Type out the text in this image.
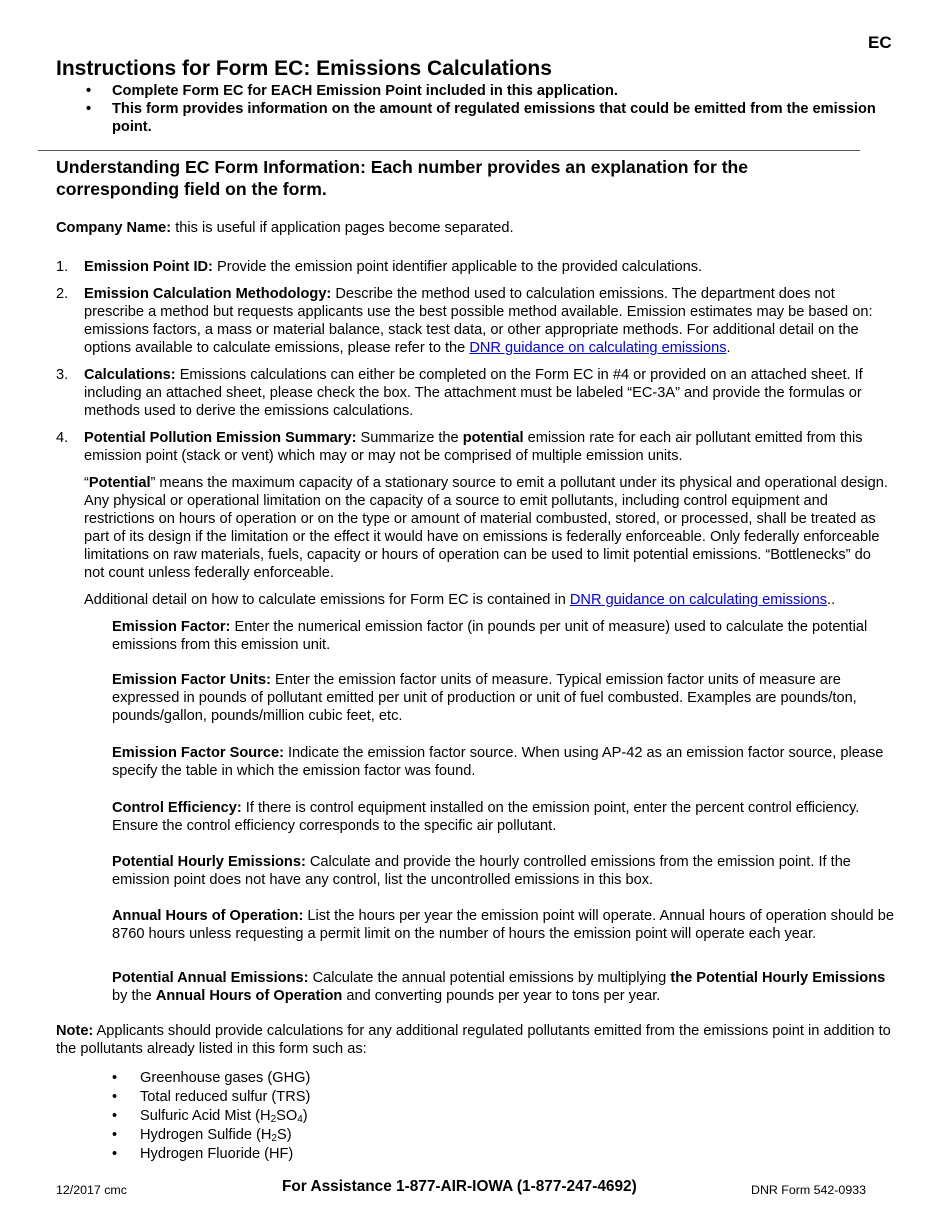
EC
Instructions for Form EC: Emissions Calculations
• Complete Form EC for EACH Emission Point included in this application.
• This form provides information on the amount of regulated emissions that could be emitted from the emission point.
Understanding EC Form Information: Each number provides an explanation for the corresponding field on the form.
Company Name: this is useful if application pages become separated.
1. Emission Point ID: Provide the emission point identifier applicable to the provided calculations.
2. Emission Calculation Methodology: Describe the method used to calculation emissions. The department does not prescribe a method but requests applicants use the best possible method available. Emission estimates may be based on: emissions factors, a mass or material balance, stack test data, or other appropriate methods. For additional detail on the options available to calculate emissions, please refer to the DNR guidance on calculating emissions.
3. Calculations: Emissions calculations can either be completed on the Form EC in #4 or provided on an attached sheet. If including an attached sheet, please check the box. The attachment must be labeled “EC-3A” and provide the formulas or methods used to derive the emissions calculations.
4. Potential Pollution Emission Summary: Summarize the potential emission rate for each air pollutant emitted from this emission point (stack or vent) which may or may not be comprised of multiple emission units.
“Potential” means the maximum capacity of a stationary source to emit a pollutant under its physical and operational design. Any physical or operational limitation on the capacity of a source to emit pollutants, including control equipment and restrictions on hours of operation or on the type or amount of material combusted, stored, or processed, shall be treated as part of its design if the limitation or the effect it would have on emissions is federally enforceable. Only federally enforceable limitations on raw materials, fuels, capacity or hours of operation can be used to limit potential emissions. “Bottlenecks” do not count unless federally enforceable.
Additional detail on how to calculate emissions for Form EC is contained in DNR guidance on calculating emissions..
Emission Factor: Enter the numerical emission factor (in pounds per unit of measure) used to calculate the potential emissions from this emission unit.
Emission Factor Units: Enter the emission factor units of measure. Typical emission factor units of measure are expressed in pounds of pollutant emitted per unit of production or unit of fuel combusted. Examples are pounds/ton, pounds/gallon, pounds/million cubic feet, etc.
Emission Factor Source: Indicate the emission factor source. When using AP-42 as an emission factor source, please specify the table in which the emission factor was found.
Control Efficiency: If there is control equipment installed on the emission point, enter the percent control efficiency. Ensure the control efficiency corresponds to the specific air pollutant.
Potential Hourly Emissions: Calculate and provide the hourly controlled emissions from the emission point. If the emission point does not have any control, list the uncontrolled emissions in this box.
Annual Hours of Operation: List the hours per year the emission point will operate. Annual hours of operation should be 8760 hours unless requesting a permit limit on the number of hours the emission point will operate each year.
Potential Annual Emissions: Calculate the annual potential emissions by multiplying the Potential Hourly Emissions by the Annual Hours of Operation and converting pounds per year to tons per year.
Note: Applicants should provide calculations for any additional regulated pollutants emitted from the emissions point in addition to the pollutants already listed in this form such as:
• Greenhouse gases (GHG)
• Total reduced sulfur (TRS)
• Sulfuric Acid Mist $(H_2SO_4)$
• Hydrogen Sulfide $(H_2S)$
• Hydrogen Fluoride (HF)
12/2017 cmc	For Assistance 1-877-AIR-IOWA (1-877-247-4692)	DNR Form 542-0933
